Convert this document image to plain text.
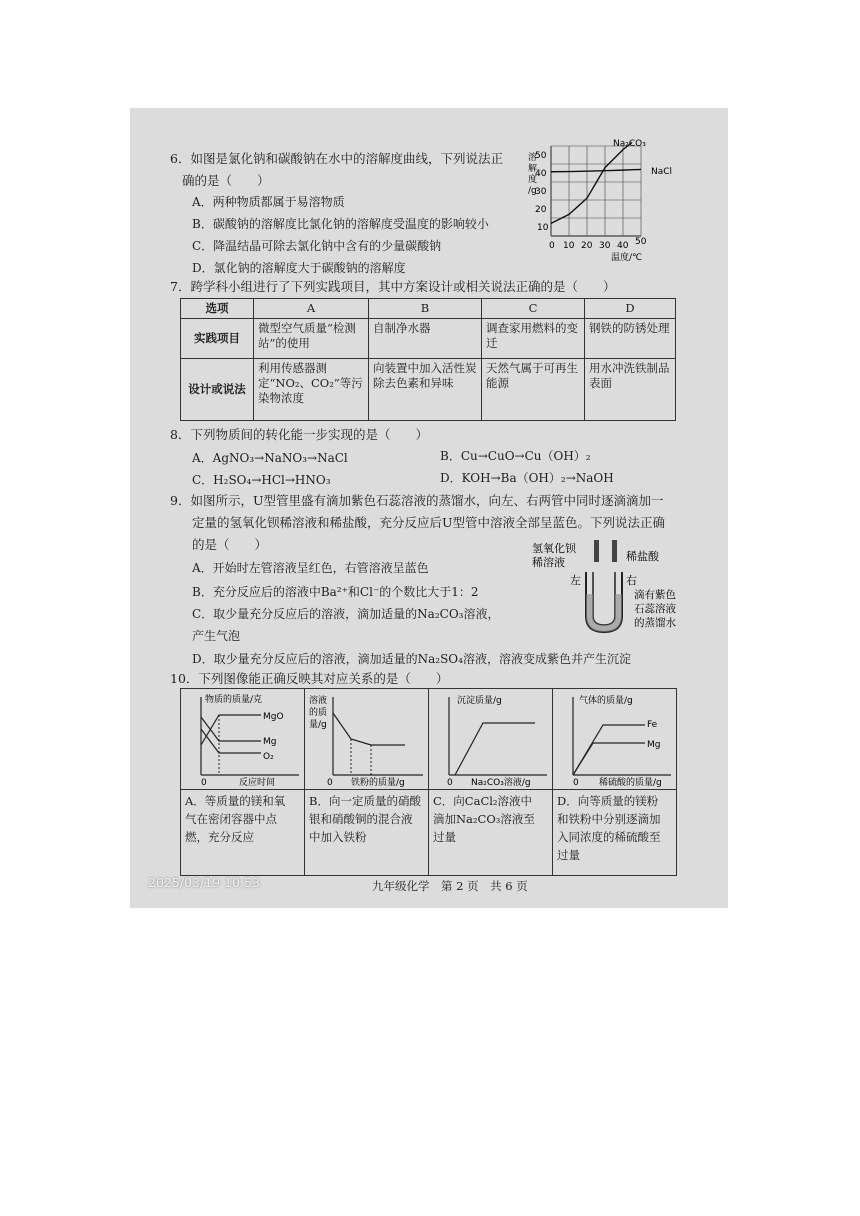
6．如图是氯化钠和碳酸钠在水中的溶解度曲线，下列说法正
确的是（　　）
A．两种物质都属于易溶物质
B．碳酸钠的溶解度比氯化钠的溶解度受温度的影响较小
C．降温结晶可除去氯化钠中含有的少量碳酸钠
D．氯化钠的溶解度大于碳酸钠的溶解度
溶
解
度
/g
50
40
30
20
10
0 10 20 30 40 50
温度/℃
Na₂CO₃
NaCl
7．跨学科小组进行了下列实践项目，其中方案设计或相关说法正确的是（　　）
选项	A	B	C	D
实践项目	微型空气质量“检测站”的使用	自制净水器	调查家用燃料的变迁	钢铁的防锈处理
设计或说法	利用传感器测定“NO₂、CO₂”等污染物浓度	向装置中加入活性炭除去色素和异味	天然气属于可再生能源	用水冲洗铁制品表面
8．下列物质间的转化能一步实现的是（　　）
A．AgNO₃→NaNO₃→NaCl	B．Cu→CuO→Cu（OH）₂
C．H₂SO₄→HCl→HNO₃	D．KOH→Ba（OH）₂→NaOH
9．如图所示，U型管里盛有滴加紫色石蕊溶液的蒸馏水，向左、右两管中同时逐滴滴加一
定量的氢氧化钡稀溶液和稀盐酸，充分反应后U型管中溶液全部呈蓝色。下列说法正确
的是（　　）
A．开始时左管溶液呈红色，右管溶液呈蓝色
B．充分反应后的溶液中Ba²⁺和Cl⁻的个数比大于1：2
C．取少量充分反应后的溶液，滴加适量的Na₂CO₃溶液，
产生气泡
D．取少量充分反应后的溶液，滴加适量的Na₂SO₄溶液，溶液变成紫色并产生沉淀
氢氧化钡
稀溶液	稀盐酸
左	右
滴有紫色
石蕊溶液
的蒸馏水
10．下列图像能正确反映其对应关系的是（　　）
物质的质量/克
MgO
Mg
O₂
0	反应时间
溶液
的质
量/g
0 铁粉的质量/g
沉淀质量/g
0 Na₂CO₃溶液/g
气体的质量/g
Fe
Mg
0 稀硫酸的质量/g
A．等质量的镁和氧
气在密闭容器中点
燃，充分反应
B．向一定质量的硝酸
银和硝酸铜的混合液
中加入铁粉
C．向CaCl₂溶液中
滴加Na₂CO₃溶液至
过量
D．向等质量的镁粉
和铁粉中分别逐滴加
入同浓度的稀硫酸至
过量
2025/03/19 10:53	九年级化学　第 2 页　共 6 页
